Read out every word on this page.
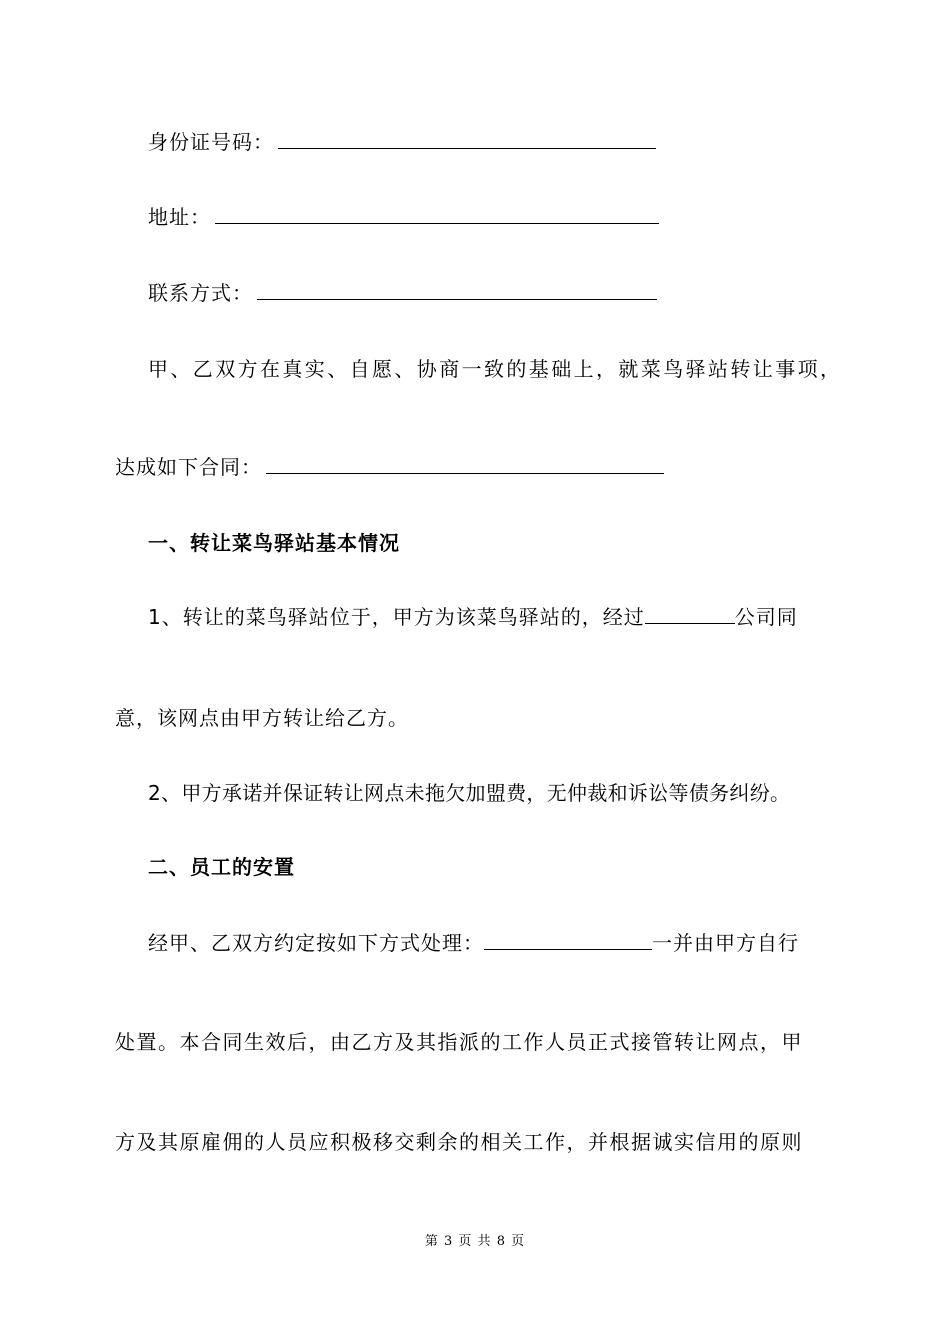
身份证号码：
地址：
联系方式：
甲、乙双方在真实、自愿、协商一致的基础上，就菜鸟驿站转让事项，
达成如下合同：
一、转让菜鸟驿站基本情况
1、转让的菜鸟驿站位于，甲方为该菜鸟驿站的，经过	公司同
意，该网点由甲方转让给乙方。
2、甲方承诺并保证转让网点未拖欠加盟费，无仲裁和诉讼等债务纠纷。
二、员工的安置
经甲、乙双方约定按如下方式处理：	一并由甲方自行
处置。本合同生效后，由乙方及其指派的工作人员正式接管转让网点，甲
方及其原雇佣的人员应积极移交剩余的相关工作，并根据诚实信用的原则
第 3 页 共 8 页
